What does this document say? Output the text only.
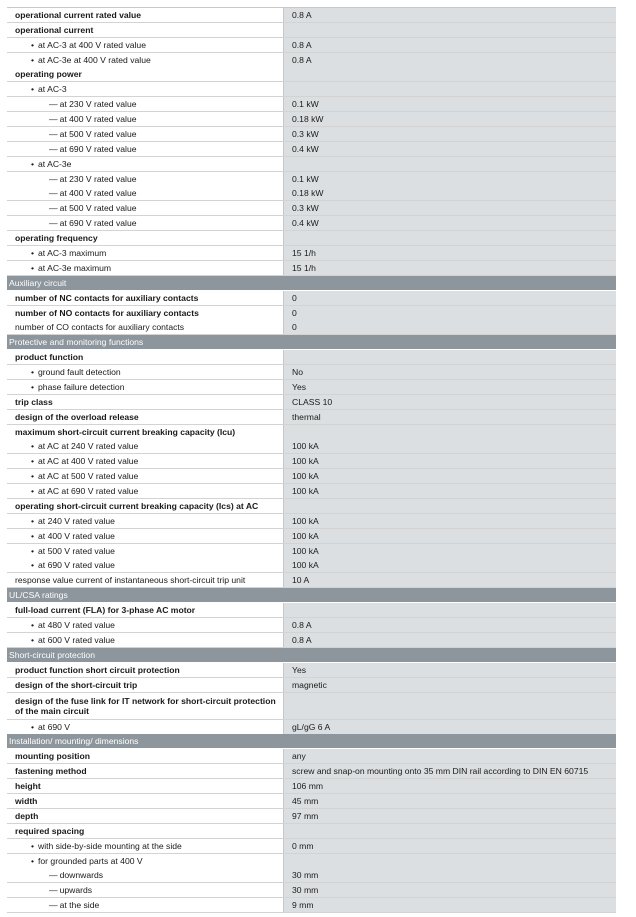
operational current rated value	0.8 A
operational current
• at AC-3 at 400 V rated value	0.8 A
• at AC-3e at 400 V rated value	0.8 A
operating power
• at AC-3
— at 230 V rated value	0.1 kW
— at 400 V rated value	0.18 kW
— at 500 V rated value	0.3 kW
— at 690 V rated value	0.4 kW
• at AC-3e
— at 230 V rated value	0.1 kW
— at 400 V rated value	0.18 kW
— at 500 V rated value	0.3 kW
— at 690 V rated value	0.4 kW
operating frequency
• at AC-3 maximum	15 1/h
• at AC-3e maximum	15 1/h
Auxiliary circuit
number of NC contacts for auxiliary contacts	0
number of NO contacts for auxiliary contacts	0
number of CO contacts for auxiliary contacts	0
Protective and monitoring functions
product function
• ground fault detection	No
• phase failure detection	Yes
trip class	CLASS 10
design of the overload release	thermal
maximum short-circuit current breaking capacity (Icu)
• at AC at 240 V rated value	100 kA
• at AC at 400 V rated value	100 kA
• at AC at 500 V rated value	100 kA
• at AC at 690 V rated value	100 kA
operating short-circuit current breaking capacity (Ics) at AC
• at 240 V rated value	100 kA
• at 400 V rated value	100 kA
• at 500 V rated value	100 kA
• at 690 V rated value	100 kA
response value current of instantaneous short-circuit trip unit	10 A
UL/CSA ratings
full-load current (FLA) for 3-phase AC motor
• at 480 V rated value	0.8 A
• at 600 V rated value	0.8 A
Short-circuit protection
product function short circuit protection	Yes
design of the short-circuit trip	magnetic
design of the fuse link for IT network for short-circuit protection of the main circuit
• at 690 V	gL/gG 6 A
Installation/ mounting/ dimensions
mounting position	any
fastening method	screw and snap-on mounting onto 35 mm DIN rail according to DIN EN 60715
height	106 mm
width	45 mm
depth	97 mm
required spacing
• with side-by-side mounting at the side	0 mm
• for grounded parts at 400 V
— downwards	30 mm
— upwards	30 mm
— at the side	9 mm
